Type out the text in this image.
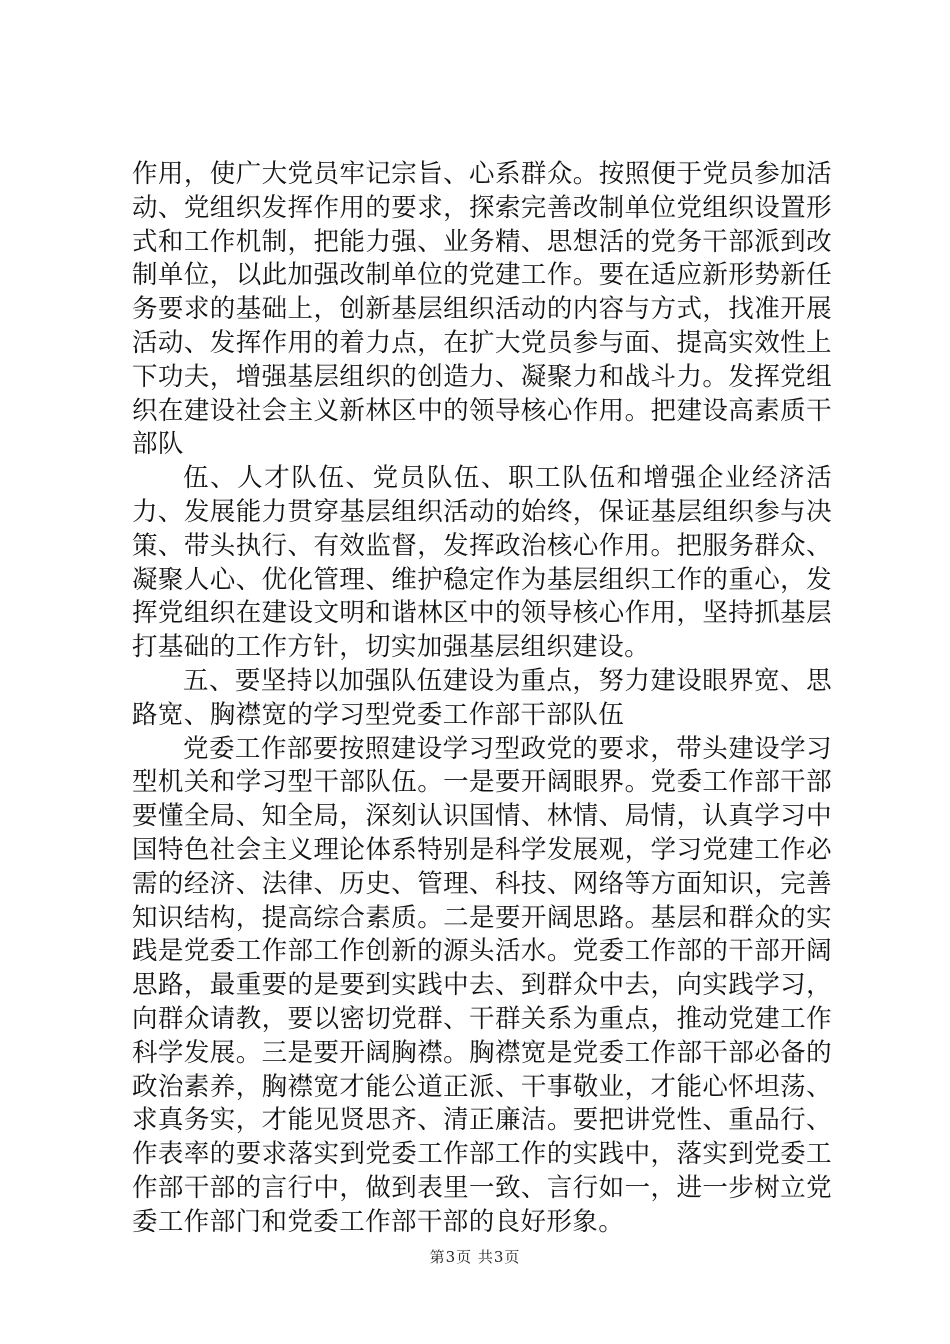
作用，使广大党员牢记宗旨、心系群众。按照便于党员参加活动、党组织发挥作用的要求，探索完善改制单位党组织设置形式和工作机制，把能力强、业务精、思想活的党务干部派到改制单位，以此加强改制单位的党建工作。要在适应新形势新任务要求的基础上，创新基层组织活动的内容与方式，找准开展活动、发挥作用的着力点，在扩大党员参与面、提高实效性上下功夫，增强基层组织的创造力、凝聚力和战斗力。发挥党组织在建设社会主义新林区中的领导核心作用。把建设高素质干部队

伍、人才队伍、党员队伍、职工队伍和增强企业经济活力、发展能力贯穿基层组织活动的始终，保证基层组织参与决策、带头执行、有效监督，发挥政治核心作用。把服务群众、凝聚人心、优化管理、维护稳定作为基层组织工作的重心，发挥党组织在建设文明和谐林区中的领导核心作用，坚持抓基层打基础的工作方针，切实加强基层组织建设。

五、要坚持以加强队伍建设为重点，努力建设眼界宽、思路宽、胸襟宽的学习型党委工作部干部队伍

党委工作部要按照建设学习型政党的要求，带头建设学习型机关和学习型干部队伍。一是要开阔眼界。党委工作部干部要懂全局、知全局，深刻认识国情、林情、局情，认真学习中国特色社会主义理论体系特别是科学发展观，学习党建工作必需的经济、法律、历史、管理、科技、网络等方面知识，完善知识结构，提高综合素质。二是要开阔思路。基层和群众的实践是党委工作部工作创新的源头活水。党委工作部的干部开阔思路，最重要的是要到实践中去、到群众中去，向实践学习，向群众请教，要以密切党群、干群关系为重点，推动党建工作科学发展。三是要开阔胸襟。胸襟宽是党委工作部干部必备的政治素养，胸襟宽才能公道正派、干事敬业，才能心怀坦荡、求真务实，才能见贤思齐、清正廉洁。要把讲党性、重品行、作表率的要求落实到党委工作部工作的实践中，落实到党委工作部干部的言行中，做到表里一致、言行如一，进一步树立党委工作部门和党委工作部干部的良好形象。

第3页 共3页
